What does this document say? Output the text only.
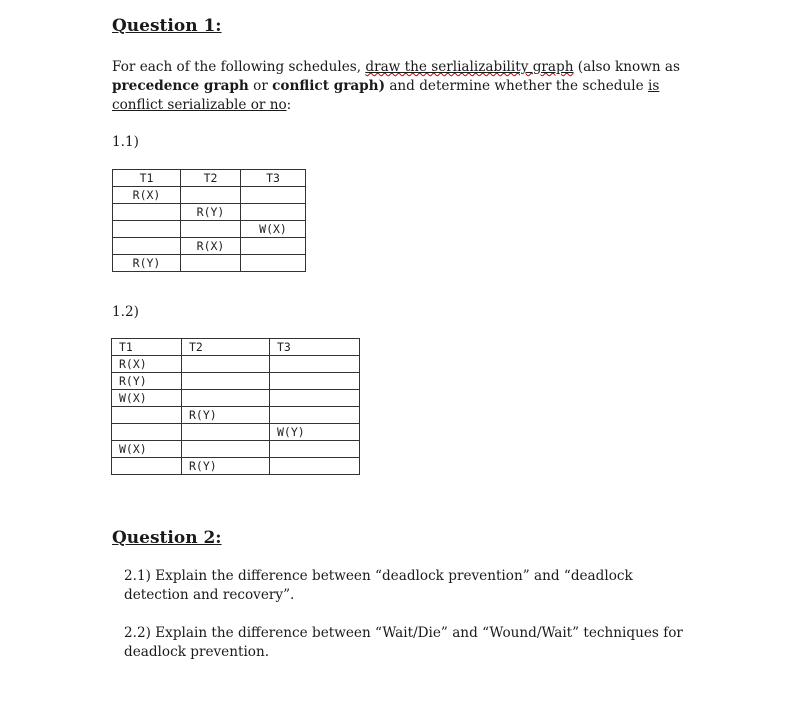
Question 1:

For each of the following schedules, draw the serlializability graph (also known as precedence graph or conflict graph) and determine whether the schedule is conflict serializable or no:

1.1)

T1	T2	T3
R(X)		
	R(Y)	
		W(X)
	R(X)	
R(Y)		

1.2)

T1	T2	T3
R(X)		
R(Y)		
W(X)		
	R(Y)	
		W(Y)
W(X)		
	R(Y)	
Question 2:

2.1) Explain the difference between “deadlock prevention” and “deadlock detection and recovery”.

2.2) Explain the difference between “Wait/Die” and “Wound/Wait” techniques for deadlock prevention.
